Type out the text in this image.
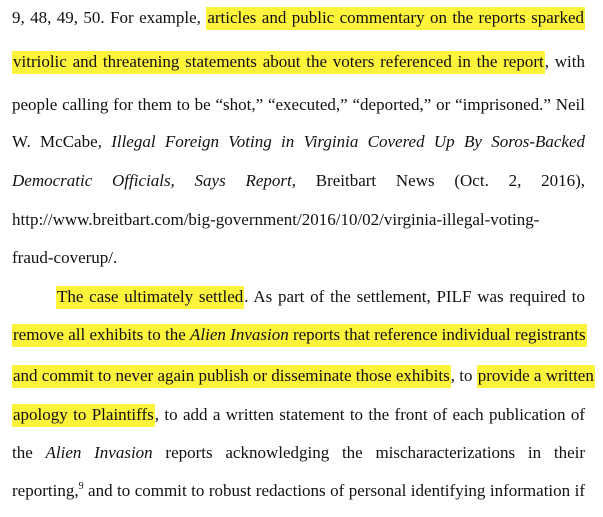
9, 48, 49, 50. For example, articles and public commentary on the reports sparked
vitriolic and threatening statements about the voters referenced in the report, with
people calling for them to be “shot,” “executed,” “deported,” or “imprisoned.” Neil
W. McCabe, Illegal Foreign Voting in Virginia Covered Up By Soros-Backed
Democratic Officials, Says Report, Breitbart News (Oct. 2, 2016),
http://www.breitbart.com/big-government/2016/10/02/virginia-illegal-voting-
fraud-coverup/.
The case ultimately settled. As part of the settlement, PILF was required to
remove all exhibits to the Alien Invasion reports that reference individual registrants
and commit to never again publish or disseminate those exhibits, to provide a written
apology to Plaintiffs, to add a written statement to the front of each publication of
the Alien Invasion reports acknowledging the mischaracterizations in their
reporting,$^9$ and to commit to robust redactions of personal identifying information if
